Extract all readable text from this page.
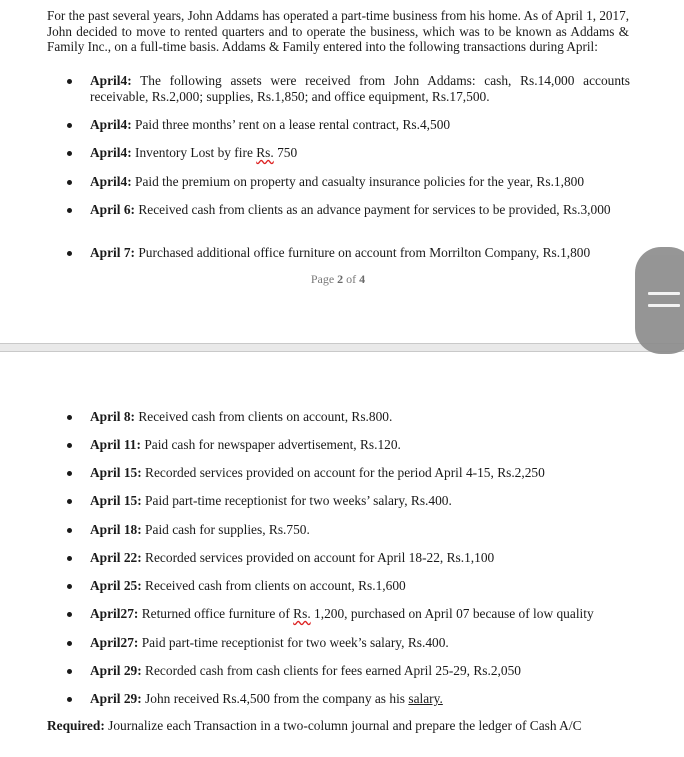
For the past several years, John Addams has operated a part-time business from his home. As of April 1, 2017, John decided to move to rented quarters and to operate the business, which was to be known as Addams & Family Inc., on a full-time basis. Addams & Family entered into the following transactions during April:

April4: The following assets were received from John Addams: cash, Rs.14,000 accounts receivable, Rs.2,000; supplies, Rs.1,850; and office equipment, Rs.17,500.

April4: Paid three months’ rent on a lease rental contract, Rs.4,500

April4: Inventory Lost by fire Rs. 750

April4: Paid the premium on property and casualty insurance policies for the year, Rs.1,800

April 6: Received cash from clients as an advance payment for services to be provided, Rs.3,000

April 7: Purchased additional office furniture on account from Morrilton Company, Rs.1,800

Page 2 of 4

April 8: Received cash from clients on account, Rs.800.

April 11: Paid cash for newspaper advertisement, Rs.120.

April 15: Recorded services provided on account for the period April 4-15, Rs.2,250

April 15: Paid part-time receptionist for two weeks’ salary, Rs.400.

April 18: Paid cash for supplies, Rs.750.

April 22: Recorded services provided on account for April 18-22, Rs.1,100

April 25: Received cash from clients on account, Rs.1,600

April27: Returned office furniture of Rs. 1,200, purchased on April 07 because of low quality

April27: Paid part-time receptionist for two week’s salary, Rs.400.

April 29: Recorded cash from cash clients for fees earned April 25-29, Rs.2,050

April 29: John received Rs.4,500 from the company as his salary.

Required: Journalize each Transaction in a two-column journal and prepare the ledger of Cash A/C
